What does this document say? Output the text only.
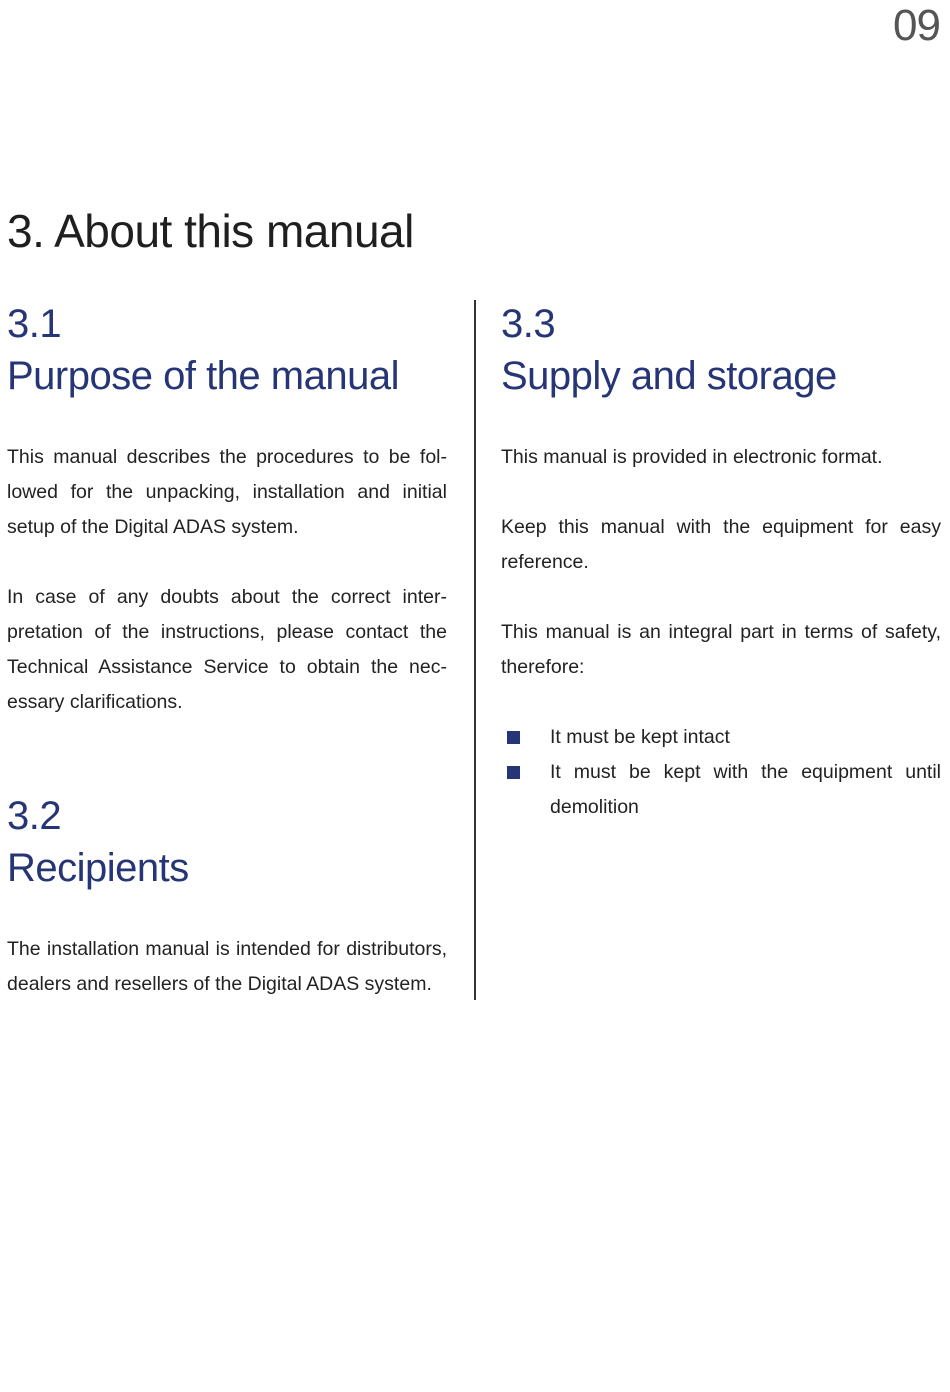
09
3. About this manual
3.1
Purpose of the manual

This manual describes the procedures to be followed for the unpacking, installation and initial setup of the Digital ADAS system.

In case of any doubts about the correct interpretation of the instructions, please contact the Technical Assistance Service to obtain the necessary clarifications.

3.2
Recipients

The installation manual is intended for distributors, dealers and resellers of the Digital ADAS system.

3.3
Supply and storage

This manual is provided in electronic format.

Keep this manual with the equipment for easy reference.

This manual is an integral part in terms of safety, therefore:

It must be kept intact
It must be kept with the equipment until demolition
